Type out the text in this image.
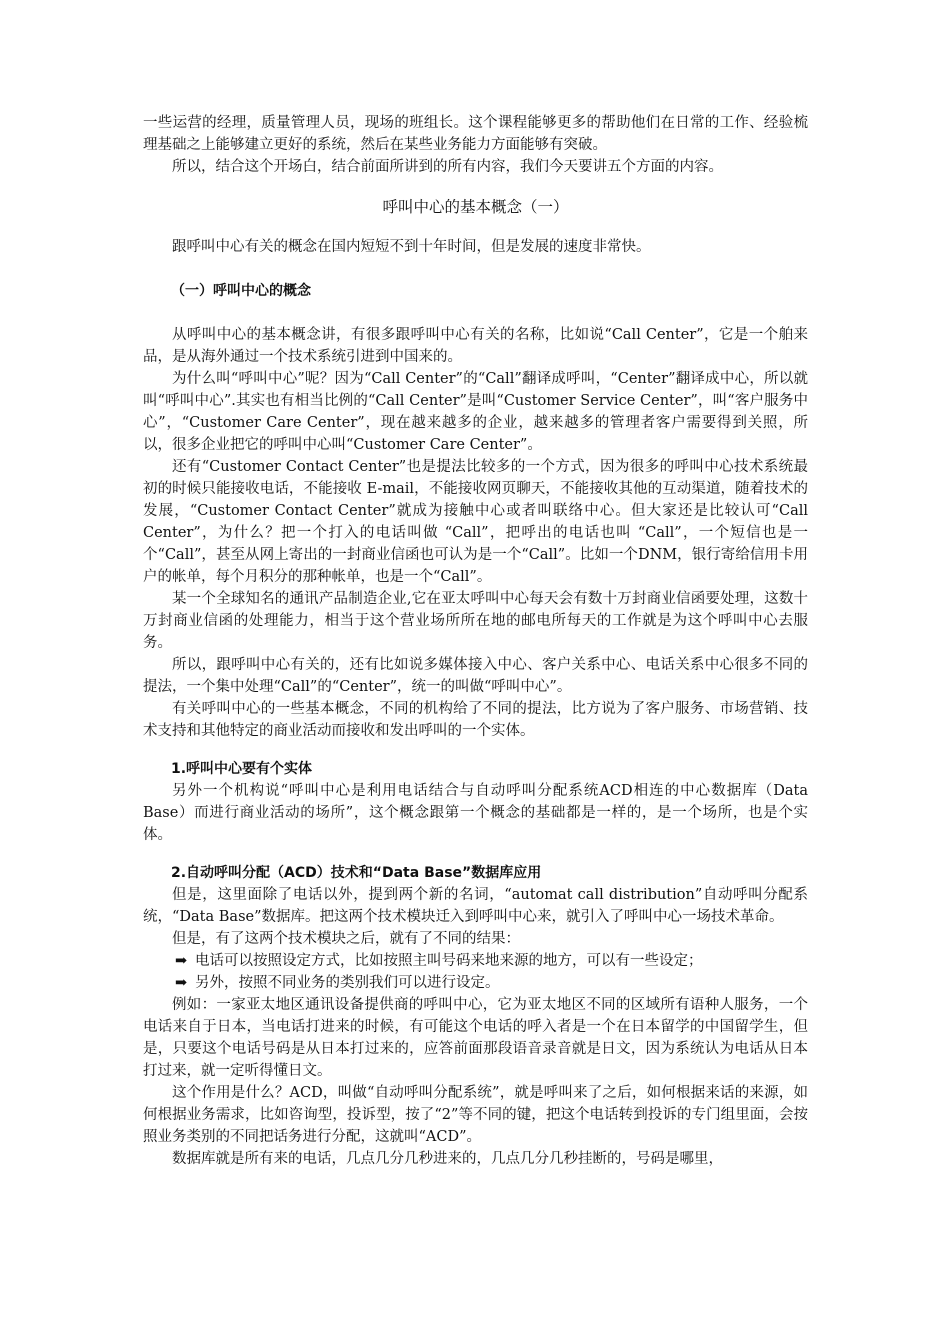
一些运营的经理，质量管理人员，现场的班组长。这个课程能够更多的帮助他们在日常的工作、经验梳理基础之上能够建立更好的系统，然后在某些业务能力方面能够有突破。

所以，结合这个开场白，结合前面所讲到的所有内容，我们今天要讲五个方面的内容。

呼叫中心的基本概念（一）

跟呼叫中心有关的概念在国内短短不到十年时间，但是发展的速度非常快。

（一）呼叫中心的概念

从呼叫中心的基本概念讲，有很多跟呼叫中心有关的名称，比如说“Call Center”，它是一个舶来品，是从海外通过一个技术系统引进到中国来的。

为什么叫“呼叫中心”呢？因为“Call Center”的“Call”翻译成呼叫，“Center”翻译成中心，所以就叫“呼叫中心”.其实也有相当比例的“Call Center”是叫“Customer Service Center”，叫“客户服务中心”，“Customer Care Center”，现在越来越多的企业，越来越多的管理者客户需要得到关照，所以，很多企业把它的呼叫中心叫“Customer Care Center”。

还有“Customer Contact Center”也是提法比较多的一个方式，因为很多的呼叫中心技术系统最初的时候只能接收电话，不能接收 E-mail，不能接收网页聊天，不能接收其他的互动渠道，随着技术的发展，“Customer Contact Center”就成为接触中心或者叫联络中心。但大家还是比较认可“Call Center”，为什么？把一个打入的电话叫做 “Call”，把呼出的电话也叫 “Call”，一个短信也是一个“Call”，甚至从网上寄出的一封商业信函也可认为是一个“Call”。比如一个DNM，银行寄给信用卡用户的帐单，每个月积分的那种帐单，也是一个“Call”。

某一个全球知名的通讯产品制造企业,它在亚太呼叫中心每天会有数十万封商业信函要处理，这数十万封商业信函的处理能力，相当于这个营业场所所在地的邮电所每天的工作就是为这个呼叫中心去服务。

所以，跟呼叫中心有关的，还有比如说多媒体接入中心、客户关系中心、电话关系中心很多不同的提法，一个集中处理“Call”的“Center”，统一的叫做“呼叫中心”。

有关呼叫中心的一些基本概念，不同的机构给了不同的提法，比方说为了客户服务、市场营销、技术支持和其他特定的商业活动而接收和发出呼叫的一个实体。

1.呼叫中心要有个实体

另外一个机构说“呼叫中心是利用电话结合与自动呼叫分配系统ACD相连的中心数据库（Data Base）而进行商业活动的场所”，这个概念跟第一个概念的基础都是一样的，是一个场所，也是个实体。

2.自动呼叫分配（ACD）技术和“Data Base”数据库应用

但是，这里面除了电话以外，提到两个新的名词，“automat call distribution”自动呼叫分配系统，“Data Base”数据库。把这两个技术模块迁入到呼叫中心来，就引入了呼叫中心一场技术革命。

但是，有了这两个技术模块之后，就有了不同的结果：

➡ 电话可以按照设定方式，比如按照主叫号码来地来源的地方，可以有一些设定；

➡ 另外，按照不同业务的类别我们可以进行设定。

例如：一家亚太地区通讯设备提供商的呼叫中心，它为亚太地区不同的区域所有语种人服务，一个电话来自于日本，当电话打进来的时候，有可能这个电话的呼入者是一个在日本留学的中国留学生，但是，只要这个电话号码是从日本打过来的，应答前面那段语音录音就是日文，因为系统认为电话从日本打过来，就一定听得懂日文。

这个作用是什么？ACD，叫做“自动呼叫分配系统”，就是呼叫来了之后，如何根据来话的来源，如何根据业务需求，比如咨询型，投诉型，按了“2”等不同的键，把这个电话转到投诉的专门组里面，会按照业务类别的不同把话务进行分配，这就叫“ACD”。

数据库就是所有来的电话，几点几分几秒进来的，几点几分几秒挂断的，号码是哪里，
